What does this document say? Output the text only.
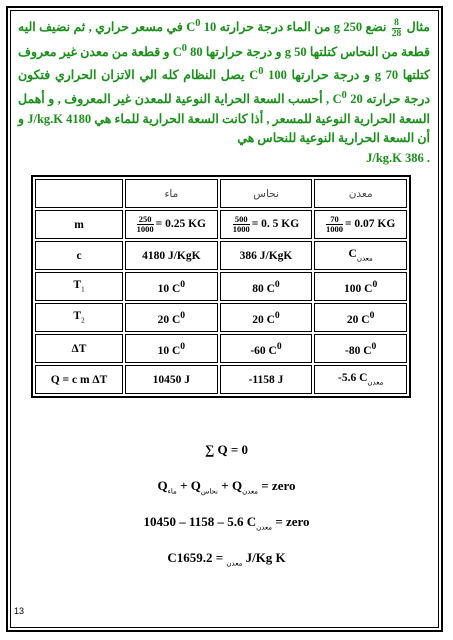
مثال
$\frac{8}{28}$
نضع g 250 من الماء درجة حرارته 10 $C^0$ في مسعر حراري , ثم نضيف اليه قطعة من النحاس كتلتها g 50 و درجة حرارتها $C^0$ 80 و قطعة من معدن غير معروف كتلتها g 70 و درجة حرارتها $C^0$ 100 يصل النظام كله الي الاتزان الحراري فتكون درجة حرارته $C^0$ 20 , أحسب السعة الحراية النوعية للمعدن غير المعروف , و أهمل السعة الحرارية النوعية للمسعر , أذا كانت السعة الحرارية للماء هي 4180 J/kg.K و أن السعة الحرارية النوعية للنحاس هي
. 386 J/kg.K
	ماء	نحاس	معدن
m	$\frac{250}{1000} = 0.25$ KG	$\frac{500}{1000} = 0$. 5 KG	$\frac{70}{1000} = 0.07$ KG
c	4180 J/KgK	386 J/KgK	$C_{معدن}$
$T_1$	10 $C^0$	80 $C^0$	100 $C^0$
$T_2$	20 $C^0$	20 $C^0$	20 $C^0$
ΔT	10 $C^0$	-60 $C^0$	-80 $C^0$
Q = c m ΔT	10450 J	-1158 J	-5.6 $C_{معدن}$
∑ Q = 0
$Q_{ماء} + Q_{نحاس} + Q_{معدن}$ = zero
10450 – 1158 – 5.6 $C_{معدن}$ = zero
C	$_{معدن}$ = 1659.2 J/Kg K
13
